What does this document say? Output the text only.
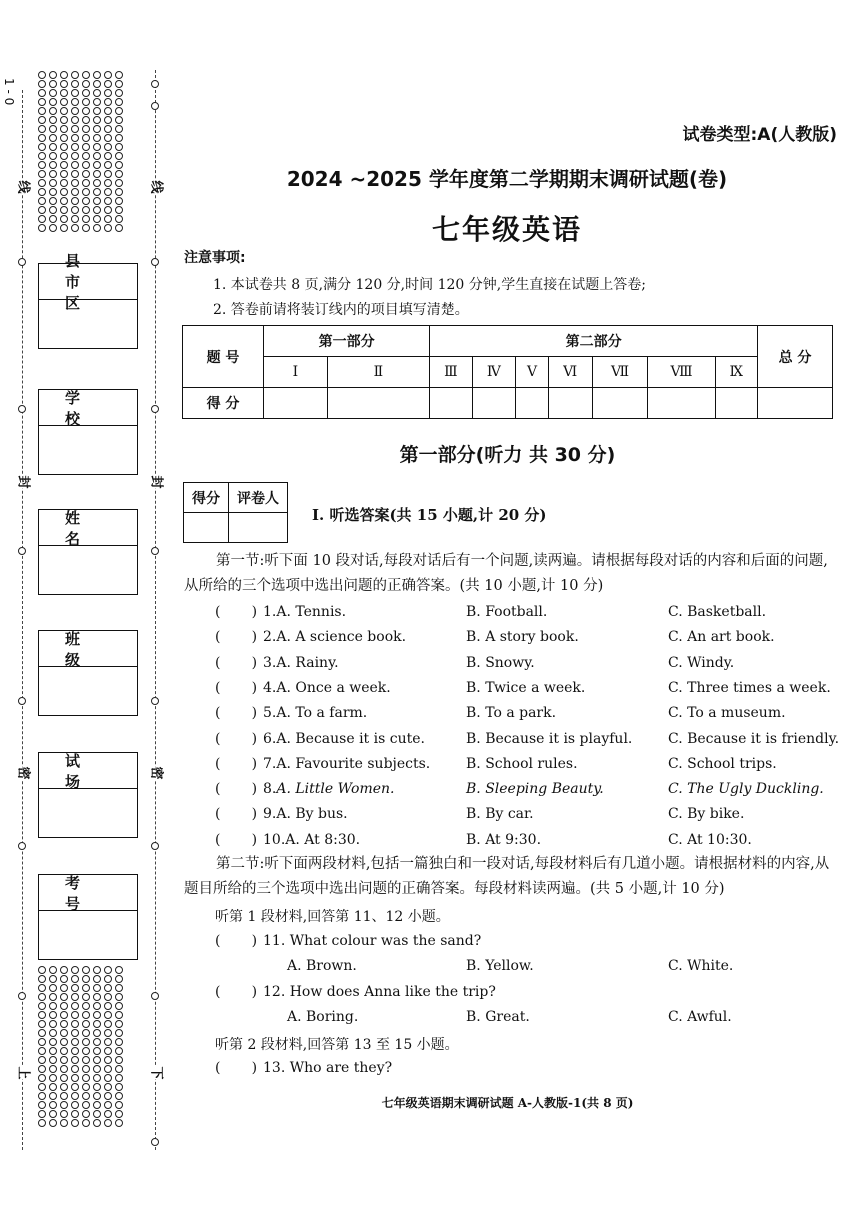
1 - 0
线
封
密
线
封
密
上	下
县市区
学校
姓名
班级
试场
考号
试卷类型:A(人教版)
2024 ~2025 学年度第二学期期末调研试题(卷)
七年级英语
注意事项:
1. 本试卷共 8 页,满分 120 分,时间 120 分钟,学生直接在试题上答卷;
2. 答卷前请将装订线内的项目填写清楚。
题 号	第一部分		第二部分							总 分
	Ⅰ	Ⅱ	Ⅲ	Ⅳ	Ⅴ	Ⅵ	Ⅶ	Ⅷ	Ⅸ	
得 分										
第一部分(听力 共 30 分)
得分	评卷人

Ⅰ. 听选答案(共 15 小题,计 20 分)
第一节:听下面 10 段对话,每段对话后有一个问题,读两遍。请根据每段对话的内容和后面的问题,从所给的三个选项中选出问题的正确答案。(共 10 小题,计 10 分)
(       ) 1.A. Tennis.	B. Football.	C. Basketball.
(       ) 2.A. A science book.	B. A story book.	C. An art book.
(       ) 3.A. Rainy.	B. Snowy.	C. Windy.
(       ) 4.A. Once a week.	B. Twice a week.	C. Three times a week.
(       ) 5.A. To a farm.	B. To a park.	C. To a museum.
(       ) 6.A. Because it is cute.	B. Because it is playful.	C. Because it is friendly.
(       ) 7.A. Favourite subjects.	B. School rules.	C. School trips.
(       ) 8.A. Little Women.	B. Sleeping Beauty.	C. The Ugly Duckling.
(       ) 9.A. By bus.	B. By car.	C. By bike.
(       ) 10.A. At 8:30.	B. At 9:30.	C. At 10:30.
第二节:听下面两段材料,包括一篇独白和一段对话,每段材料后有几道小题。请根据材料的内容,从题目所给的三个选项中选出问题的正确答案。每段材料读两遍。(共 5 小题,计 10 分)
听第 1 段材料,回答第 11、12 小题。
(       ) 11. What colour was the sand?
A. Brown.	B. Yellow.	C. White.
(       ) 12. How does Anna like the trip?
A. Boring.	B. Great.	C. Awful.
听第 2 段材料,回答第 13 至 15 小题。
(       ) 13. Who are they?
七年级英语期末调研试题 A-人教版-1(共 8 页)
